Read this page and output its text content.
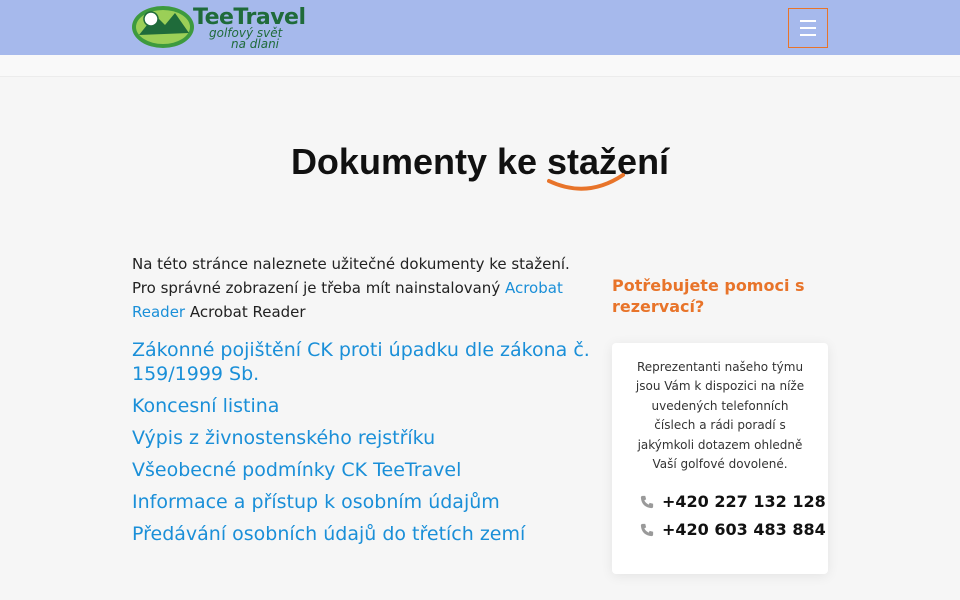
TeeTravel
golfový svět
na dlani
Dokumenty ke stažení

Na této stránce naleznete užitečné dokumenty ke stažení. Pro správné zobrazení je třeba mít nainstalovaný Acrobat Reader Acrobat Reader

Zákonné pojištění CK proti úpadku dle zákona č. 159/1999 Sb.
Koncesní listina
Výpis z živnostenského rejstříku
Všeobecné podmínky CK TeeTravel
Informace a přístup k osobním údajům
Předávání osobních údajů do třetích zemí
Potřebujete pomoci s rezervací?

Reprezentanti našeho týmu jsou Vám k dispozici na níže uvedených telefonních číslech a rádi poradí s jakýmkoli dotazem ohledně Vaší golfové dovolené.

+420 227 132 128
+420 603 483 884
